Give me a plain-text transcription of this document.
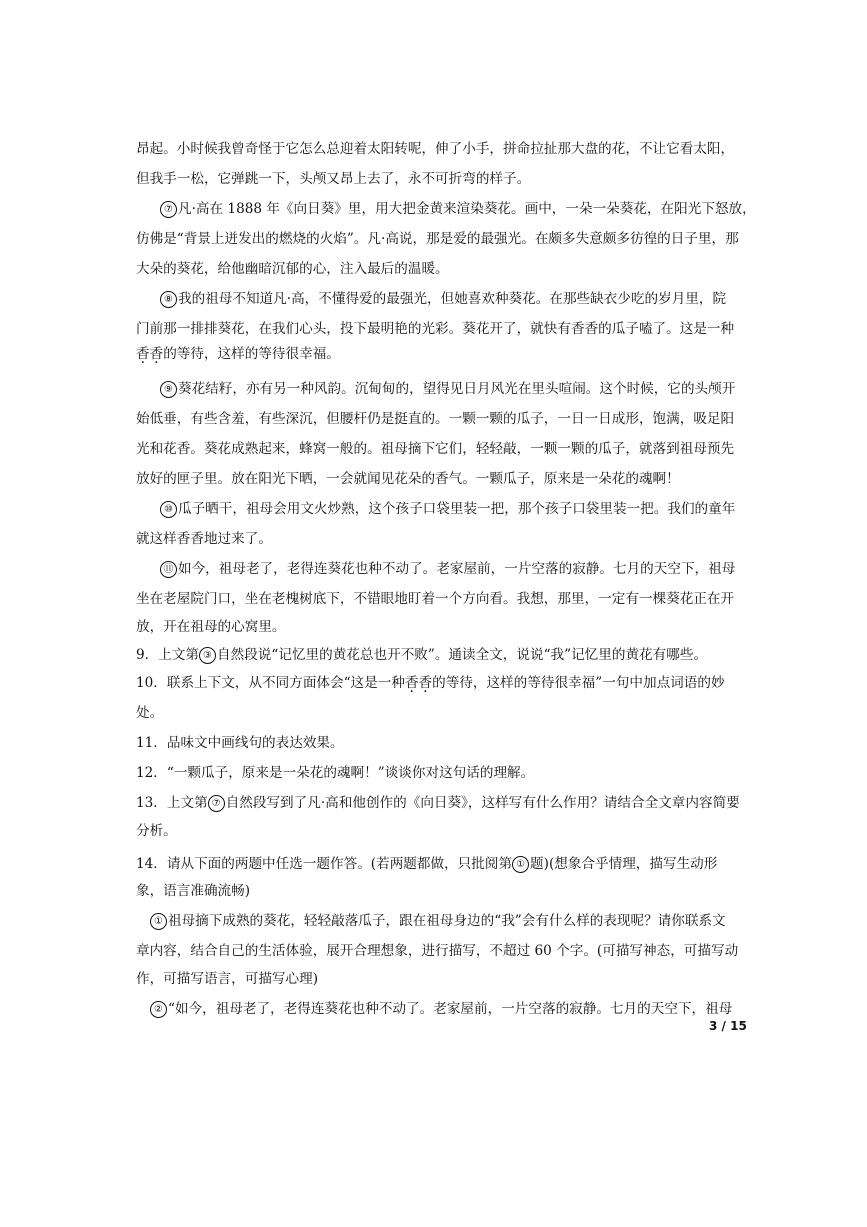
昂起。小时候我曾奇怪于它怎么总迎着太阳转呢，伸了小手，拼命拉扯那大盘的花，不让它看太阳，
但我手一松，它弹跳一下，头颅又昂上去了，永不可折弯的样子。
⑦ 凡·高在 1888 年《向日葵》里，用大把金黄来渲染葵花。画中，一朵一朵葵花，在阳光下怒放，
仿佛是“背景上迸发出的燃烧的火焰”。凡·高说，那是爱的最强光。在颇多失意颇多彷徨的日子里，那
大朵的葵花，给他幽暗沉郁的心，注入最后的温暖。
⑧ 我的祖母不知道凡·高，不懂得爱的最强光，但她喜欢种葵花。在那些缺衣少吃的岁月里，院
门前那一排排葵花，在我们心头，投下最明艳的光彩。葵花开了，就快有香香的瓜子嗑了。这是一种
香香的等待，这样的等待很幸福。
⑨ 葵花结籽，亦有另一种风韵。沉甸甸的，望得见日月风光在里头喧闹。这个时候，它的头颅开
始低垂，有些含羞，有些深沉，但腰杆仍是挺直的。一颗一颗的瓜子，一日一日成形，饱满，吸足阳
光和花香。葵花成熟起来，蜂窝一般的。祖母摘下它们，轻轻敲，一颗一颗的瓜子，就落到祖母预先
放好的匣子里。放在阳光下晒，一会就闻见花朵的香气。一颗瓜子，原来是一朵花的魂啊！
⑩ 瓜子晒干，祖母会用文火炒熟，这个孩子口袋里装一把，那个孩子口袋里装一把。我们的童年
就这样香香地过来了。
⑪ 如今，祖母老了，老得连葵花也种不动了。老家屋前，一片空落的寂静。七月的天空下，祖母
坐在老屋院门口，坐在老槐树底下，不错眼地盯着一个方向看。我想，那里，一定有一棵葵花正在开
放，开在祖母的心窝里。
9．上文第 ③ 自然段说“记忆里的黄花总也开不败”。通读全文，说说“我”记忆里的黄花有哪些。
10．联系上下文，从不同方面体会“这是一种香香的等待，这样的等待很幸福”一句中加点词语的妙
处。
11．品味文中画线句的表达效果。
12．“一颗瓜子，原来是一朵花的魂啊！”谈谈你对这句话的理解。
13．上文第 ⑦ 自然段写到了凡·高和他创作的《向日葵》，这样写有什么作用？请结合全文章内容简要
分析。
14．请从下面的两题中任选一题作答。(若两题都做，只批阅第 ① 题)(想象合乎情理，描写生动形
象，语言准确流畅)
① 祖母摘下成熟的葵花，轻轻敲落瓜子，跟在祖母身边的“我”会有什么样的表现呢？请你联系文
章内容，结合自己的生活体验，展开合理想象，进行描写，不超过 60 个字。(可描写神态，可描写动
作，可描写语言，可描写心理)
② “如今，祖母老了，老得连葵花也种不动了。老家屋前，一片空落的寂静。七月的天空下，祖母
3 / 15
